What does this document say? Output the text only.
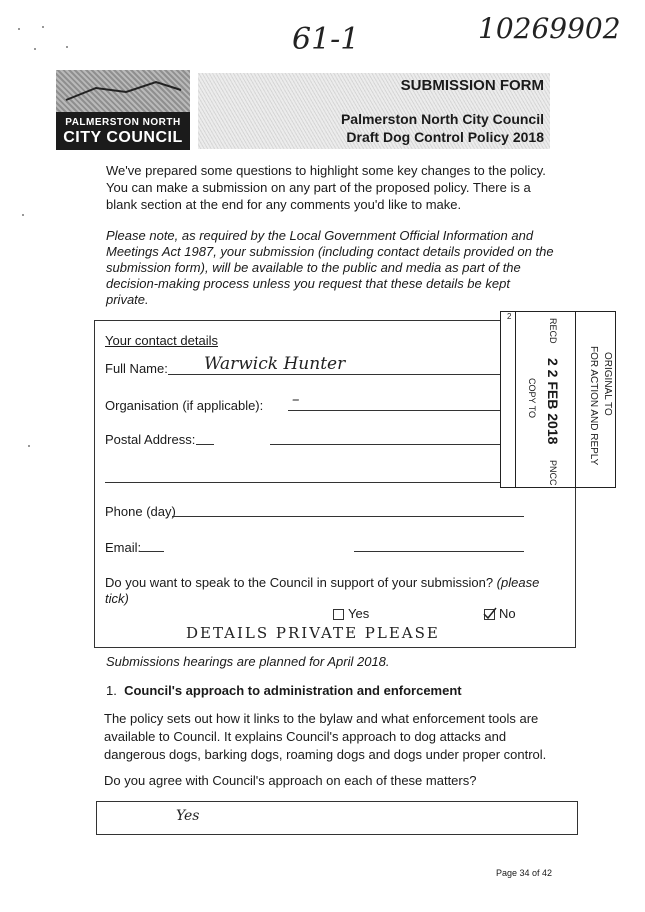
61-1	10269902
PALMERSTON NORTH
CITY COUNCIL
SUBMISSION FORM
Palmerston North City Council
Draft Dog Control Policy 2018
We've prepared some questions to highlight some key changes to the policy. You can make a submission on any part of the proposed policy. There is a blank section at the end for any comments you'd like to make.
Please note, as required by the Local Government Official Information and Meetings Act 1987, your submission (including contact details provided on the submission form), will be available to the public and media as part of the decision-making process unless you request that these details be kept private.
Your contact details
Full Name: Warwick Hunter
Organisation (if applicable): –
Postal Address:
Phone (day)
Email:
Do you want to speak to the Council in support of your submission? (please tick)
Yes	No
DETAILS PRIVATE PLEASE
2
RECD
2 2 FEB 2018
COPY TO
PNCC
ORIGINAL TO
FOR ACTION AND REPLY
Submissions hearings are planned for April 2018.
1. Council's approach to administration and enforcement
The policy sets out how it links to the bylaw and what enforcement tools are available to Council. It explains Council's approach to dog attacks and dangerous dogs, barking dogs, roaming dogs and dogs under proper control.
Do you agree with Council's approach on each of these matters?
Yes
Page 34 of 42
